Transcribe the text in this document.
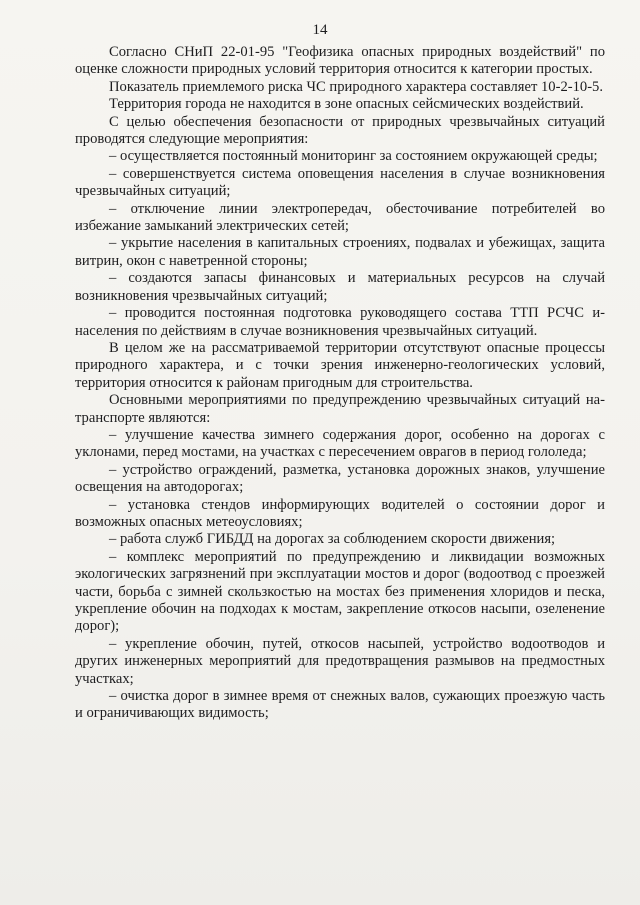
14

Согласно СНиП 22-01-95 "Геофизика опасных природных воздействий" по оценке сложности природных условий территория относится к категории простых.

Показатель приемлемого риска ЧС природного характера составляет 10-2-10-5.

Территория города не находится в зоне опасных сейсмических воздействий.

С целью обеспечения безопасности от природных чрезвычайных ситуаций проводятся следующие мероприятия:

– осуществляется постоянный мониторинг за состоянием окружающей среды;

– совершенствуется система оповещения населения в случае возникновения чрезвычайных ситуаций;

– отключение линии электропередач, обесточивание потребителей во избежание замыканий электрических сетей;

– укрытие населения в капитальных строениях, подвалах и убежищах, защита витрин, окон с наветренной стороны;

– создаются запасы финансовых и материальных ресурсов на случай возникновения чрезвычайных ситуаций;

– проводится постоянная подготовка руководящего состава ТТП РСЧС и-населения по действиям в случае возникновения чрезвычайных ситуаций.

В целом же на рассматриваемой территории отсутствуют опасные процессы природного характера, и с точки зрения инженерно-геологических условий, территория относится к районам пригодным для строительства.

Основными мероприятиями по предупреждению чрезвычайных ситуаций на-транспорте являются:

– улучшение качества зимнего содержания дорог, особенно на дорогах с уклонами, перед мостами, на участках с пересечением оврагов в период гололеда;

– устройство ограждений, разметка, установка дорожных знаков, улучшение освещения на автодорогах;

– установка стендов информирующих водителей о состоянии дорог и возможных опасных метеоусловиях;

– работа служб ГИБДД на дорогах за соблюдением скорости движения;

– комплекс мероприятий по предупреждению и ликвидации возможных экологических загрязнений при эксплуатации мостов и дорог (водоотвод с проезжей части, борьба с зимней скользкостью на мостах без применения хлоридов и песка, укрепление обочин на подходах к мостам, закрепление откосов насыпи, озеленение дорог);

– укрепление обочин, путей, откосов насыпей, устройство водоотводов и других инженерных мероприятий для предотвращения размывов на предмостных участках;

– очистка дорог в зимнее время от снежных валов, сужающих проезжую часть и ограничивающих видимость;
